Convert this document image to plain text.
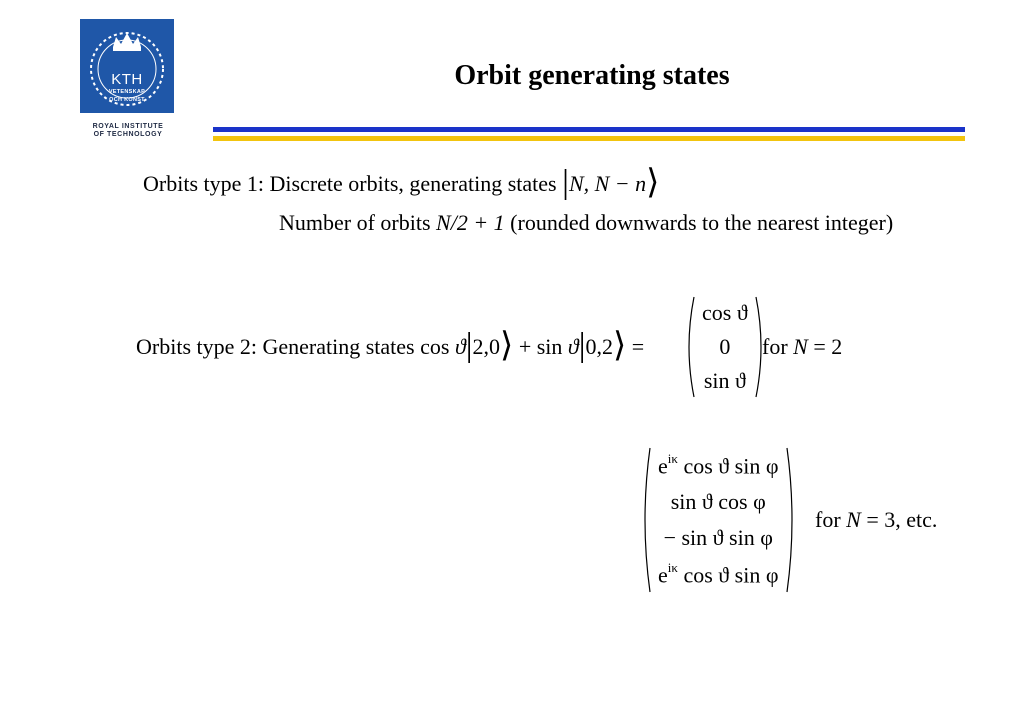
KTH
VETENSKAP
OCH KONST
ROYAL INSTITUTE
OF TECHNOLOGY
Orbit generating states
Orbits type 1: Discrete orbits, generating states |N, N − n⟩
Number of orbits N/2 + 1 (rounded downwards to the nearest integer)
Orbits type 2: Generating states cos ϑ|2,0⟩ + sin ϑ|0,2⟩ =
cos ϑ
0
sin ϑ
for N = 2
$e^{i\kappa}$ cos ϑ sin φ
sin ϑ cos φ
− sin ϑ sin φ
$e^{i\kappa}$ cos ϑ sin φ
for N = 3, etc.
